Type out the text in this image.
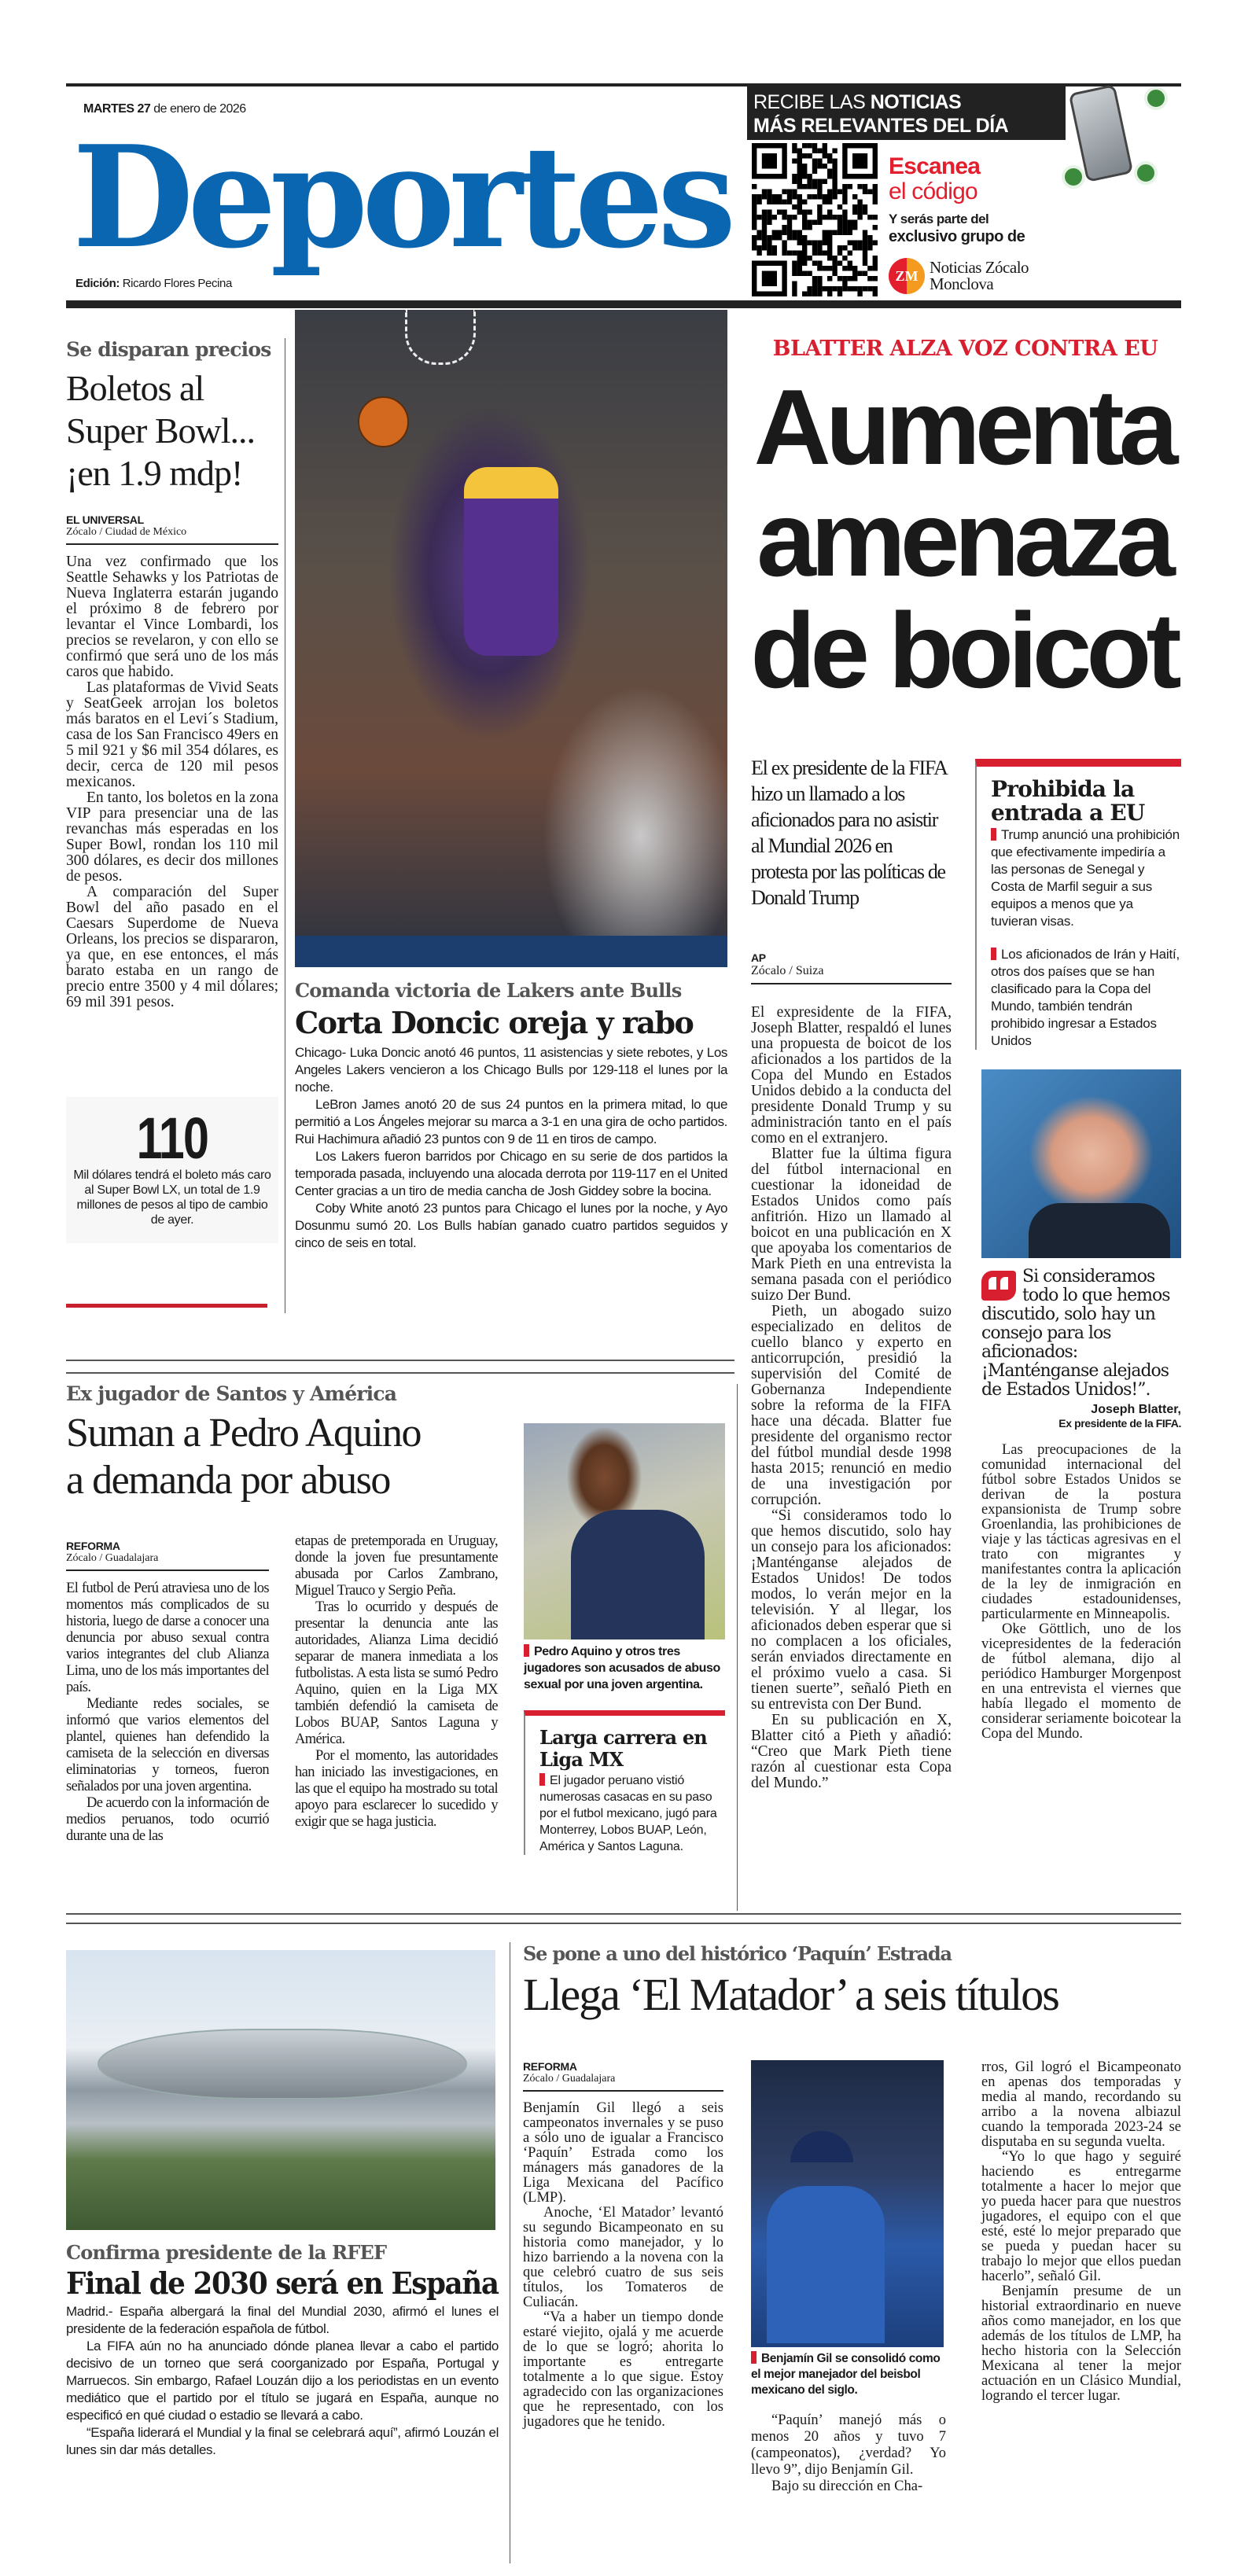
MARTES 27 de enero de 2026
Deportes
Edición: Ricardo Flores Pecina
RECIBE LAS NOTICIAS
MÁS RELEVANTES DEL DÍA
Escanea
el código
Y serás parte del
exclusivo grupo de
ZM Noticias Zócalo
Monclova
Se disparan precios
Boletos al
Super Bowl...
¡en 1.9 mdp!
EL UNIVERSAL
Zócalo / Ciudad de México

Una vez confirmado que los Seattle Sehawks y los Patriotas de Nueva Inglaterra estarán jugando el próximo 8 de febrero por levantar el Vince Lombardi, los precios se revelaron, y con ello se confirmó que será uno de los más caros que habido.

Las plataformas de Vivid Seats y SeatGeek arrojan los boletos más baratos en el Levi´s Stadium, casa de los San Francisco 49ers en 5 mil 921 y $6 mil 354 dólares, es decir, cerca de 120 mil pesos mexicanos.

En tanto, los boletos en la zona VIP para presenciar una de las revanchas más esperadas en los Super Bowl, rondan los 110 mil 300 dólares, es decir dos millones de pesos.

A comparación del Super Bowl del año pasado en el Caesars Superdome de Nueva Orleans, los precios se dispararon, ya que, en ese entonces, el más barato estaba en un rango de precio entre 3500 y 4 mil dólares; 69 mil 391 pesos.

110
Mil dólares tendrá el boleto más caro al Super Bowl LX, un total de 1.9 millones de pesos al tipo de cambio de ayer.
Comanda victoria de Lakers ante Bulls
Corta Doncic oreja y rabo

Chicago- Luka Doncic anotó 46 puntos, 11 asistencias y siete rebotes, y Los Angeles Lakers vencieron a los Chicago Bulls por 129-118 el lunes por la noche.

LeBron James anotó 20 de sus 24 puntos en la primera mitad, lo que permitió a Los Ángeles mejorar su marca a 3-1 en una gira de ocho partidos. Rui Hachimura añadió 23 puntos con 9 de 11 en tiros de campo.

Los Lakers fueron barridos por Chicago en su serie de dos partidos la temporada pasada, incluyendo una alocada derrota por 119-117 en el United Center gracias a un tiro de media cancha de Josh Giddey sobre la bocina.

Coby White anotó 23 puntos para Chicago el lunes por la noche, y Ayo Dosunmu sumó 20. Los Bulls habían ganado cuatro partidos seguidos y cinco de seis en total.

BLATTER ALZA VOZ CONTRA EU
Aumenta
amenaza
de boicot
El ex presidente de la FIFA hizo un llamado a los aficionados para no asistir al Mundial 2026 en protesta por las políticas de Donald Trump
Prohibida la entrada a EU
Trump anunció una prohibición que efectivamente impediría a las personas de Senegal y Costa de Marfil seguir a sus equipos a menos que ya tuvieran visas.
Los aficionados de Irán y Haití, otros dos países que se han clasificado para la Copa del Mundo, también tendrán prohibido ingresar a Estados Unidos
AP
Zócalo / Suiza

El expresidente de la FIFA, Joseph Blatter, respaldó el lunes una propuesta de boicot de los aficionados a los partidos de la Copa del Mundo en Estados Unidos debido a la conducta del presidente Donald Trump y su administración tanto en el país como en el extranjero.

Blatter fue la última figura del fútbol internacional en cuestionar la idoneidad de Estados Unidos como país anfitrión. Hizo un llamado al boicot en una publicación en X que apoyaba los comentarios de Mark Pieth en una entrevista la semana pasada con el periódico suizo Der Bund.

Pieth, un abogado suizo especializado en delitos de cuello blanco y experto en anticorrupción, presidió la supervisión del Comité de Gobernanza Independiente sobre la reforma de la FIFA hace una década. Blatter fue presidente del organismo rector del fútbol mundial desde 1998 hasta 2015; renunció en medio de una investigación por corrupción.

“Si consideramos todo lo que hemos discutido, solo hay un consejo para los aficionados: ¡Manténganse alejados de Estados Unidos! De todos modos, lo verán mejor en la televisión. Y al llegar, los aficionados deben esperar que si no complacen a los oficiales, serán enviados directamente en el próximo vuelo a casa. Si tienen suerte”, señaló Pieth en su entrevista con Der Bund.

En su publicación en X, Blatter citó a Pieth y añadió: “Creo que Mark Pieth tiene razón al cuestionar esta Copa del Mundo.”

Si consideramos todo lo que hemos discutido, solo hay un consejo para los aficionados: ¡Manténganse alejados de Estados Unidos!”.
Joseph Blatter,
Ex presidente de la FIFA.

Las preocupaciones de la comunidad internacional del fútbol sobre Estados Unidos se derivan de la postura expansionista de Trump sobre Groenlandia, las prohibiciones de viaje y las tácticas agresivas en el trato con migrantes y manifestantes contra la aplicación de la ley de inmigración en ciudades estadounidenses, particularmente en Minneapolis.

Oke Göttlich, uno de los vicepresidentes de la federación de fútbol alemana, dijo al periódico Hamburger Morgenpost en una entrevista el viernes que había llegado el momento de considerar seriamente boicotear la Copa del Mundo.

Ex jugador de Santos y América
Suman a Pedro Aquino
a demanda por abuso
REFORMA
Zócalo / Guadalajara

El futbol de Perú atraviesa uno de los momentos más complicados de su historia, luego de darse a conocer una denuncia por abuso sexual contra varios integrantes del club Alianza Lima, uno de los más importantes del país.

Mediante redes sociales, se informó que varios elementos del plantel, quienes han defendido la camiseta de la selección en diversas eliminatorias y torneos, fueron señalados por una joven argentina.

De acuerdo con la información de medios peruanos, todo ocurrió durante una de las

etapas de pretemporada en Uruguay, donde la joven fue presuntamente abusada por Carlos Zambrano, Miguel Trauco y Sergio Peña.

Tras lo ocurrido y después de presentar la denuncia ante las autoridades, Alianza Lima decidió separar de manera inmediata a los futbolistas. A esta lista se sumó Pedro Aquino, quien en la Liga MX también defendió la camiseta de Lobos BUAP, Santos Laguna y América.

Por el momento, las autoridades han iniciado las investigaciones, en las que el equipo ha mostrado su total apoyo para esclarecer lo sucedido y exigir que se haga justicia.

Pedro Aquino y otros tres jugadores son acusados de abuso sexual por una joven argentina.
Larga carrera en Liga MX
El jugador peruano vistió numerosas casacas en su paso por el futbol mexicano, jugó para Monterrey, Lobos BUAP, León, América y Santos Laguna.
Confirma presidente de la RFEF
Final de 2030 será en España

Madrid.- España albergará la final del Mundial 2030, afirmó el lunes el presidente de la federación española de fútbol.

La FIFA aún no ha anunciado dónde planea llevar a cabo el partido decisivo de un torneo que será coorganizado por España, Portugal y Marruecos. Sin embargo, Rafael Louzán dijo a los periodistas en un evento mediático que el partido por el título se jugará en España, aunque no especificó en qué ciudad o estadio se llevará a cabo.

“España liderará el Mundial y la final se celebrará aquí”, afirmó Louzán el lunes sin dar más detalles.

Se pone a uno del histórico ‘Paquín’ Estrada
Llega ‘El Matador’ a seis títulos
REFORMA
Zócalo / Guadalajara

Benjamín Gil llegó a seis campeonatos invernales y se puso a sólo uno de igualar a Francisco ‘Paquín’ Estrada como los mánagers más ganadores de la Liga Mexicana del Pacífico (LMP).

Anoche, ‘El Matador’ levantó su segundo Bicampeonato en su historia como manejador, y lo hizo barriendo a la novena con la que celebró cuatro de sus seis títulos, los Tomateros de Culiacán.

“Va a haber un tiempo donde estaré viejito, ojalá y me acuerde de lo que se logró; ahorita lo importante es entregarte totalmente a lo que sigue. Estoy agradecido con las organizaciones que he representado, con los jugadores que he tenido.

Benjamín Gil se consolidó como el mejor manejador del beisbol mexicano del siglo.

“Paquín’ manejó más o menos 20 años y tuvo 7 (campeonatos), ¿verdad? Yo llevo 9”, dijo Benjamín Gil.

Bajo su dirección en Cha-

rros, Gil logró el Bicampeonato en apenas dos temporadas y media al mando, recordando su arribo a la novena albiazul cuando la temporada 2023-24 se disputaba en su segunda vuelta.

“Yo lo que hago y seguiré haciendo es entregarme totalmente a hacer lo mejor que yo pueda hacer para que nuestros jugadores, el equipo con el que esté, esté lo mejor preparado que se pueda y puedan hacer su trabajo lo mejor que ellos puedan hacerlo”, señaló Gil.

Benjamín presume de un historial extraordinario en nueve años como manejador, en los que además de los títulos de LMP, ha hecho historia con la Selección Mexicana al tener la mejor actuación en un Clásico Mundial, logrando el tercer lugar.
